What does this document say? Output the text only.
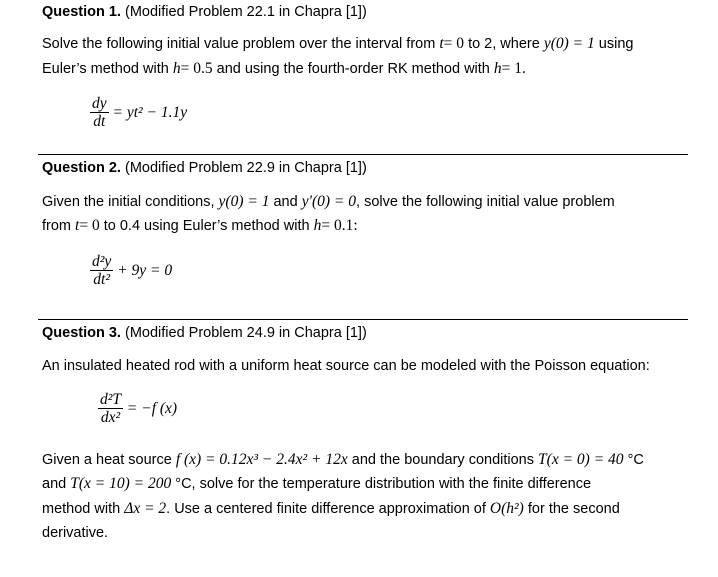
Question 1. (Modified Problem 22.1 in Chapra [1])
Solve the following initial value problem over the interval from t= 0 to 2, where y(0) = 1 using
Euler’s method with h= 0.5 and using the fourth-order RK method with h= 1.
$\frac{dy}{dt} = yt^2 - 1.1y$
Question 2. (Modified Problem 22.9 in Chapra [1])
Given the initial conditions, y(0) = 1 and y′(0) = 0, solve the following initial value problem
from t= 0 to 0.4 using Euler’s method with h= 0.1:
$\frac{\text{d²y}}{\text{dt²}} + 9y = 0$
Question 3. (Modified Problem 24.9 in Chapra [1])
An insulated heated rod with a uniform heat source can be modeled with the Poisson equation:
$\frac{\text{d²T}}{\text{dx²}} = -f$ (x)
Given a heat source f (x) = 0.12x³ − 2.4x² + 12x and the boundary conditions T(x = 0) = 40 °C
and T(x = 10) = 200 °C, solve for the temperature distribution with the finite difference
method with Δx = 2. Use a centered finite difference approximation of O(h²) for the second
derivative.
